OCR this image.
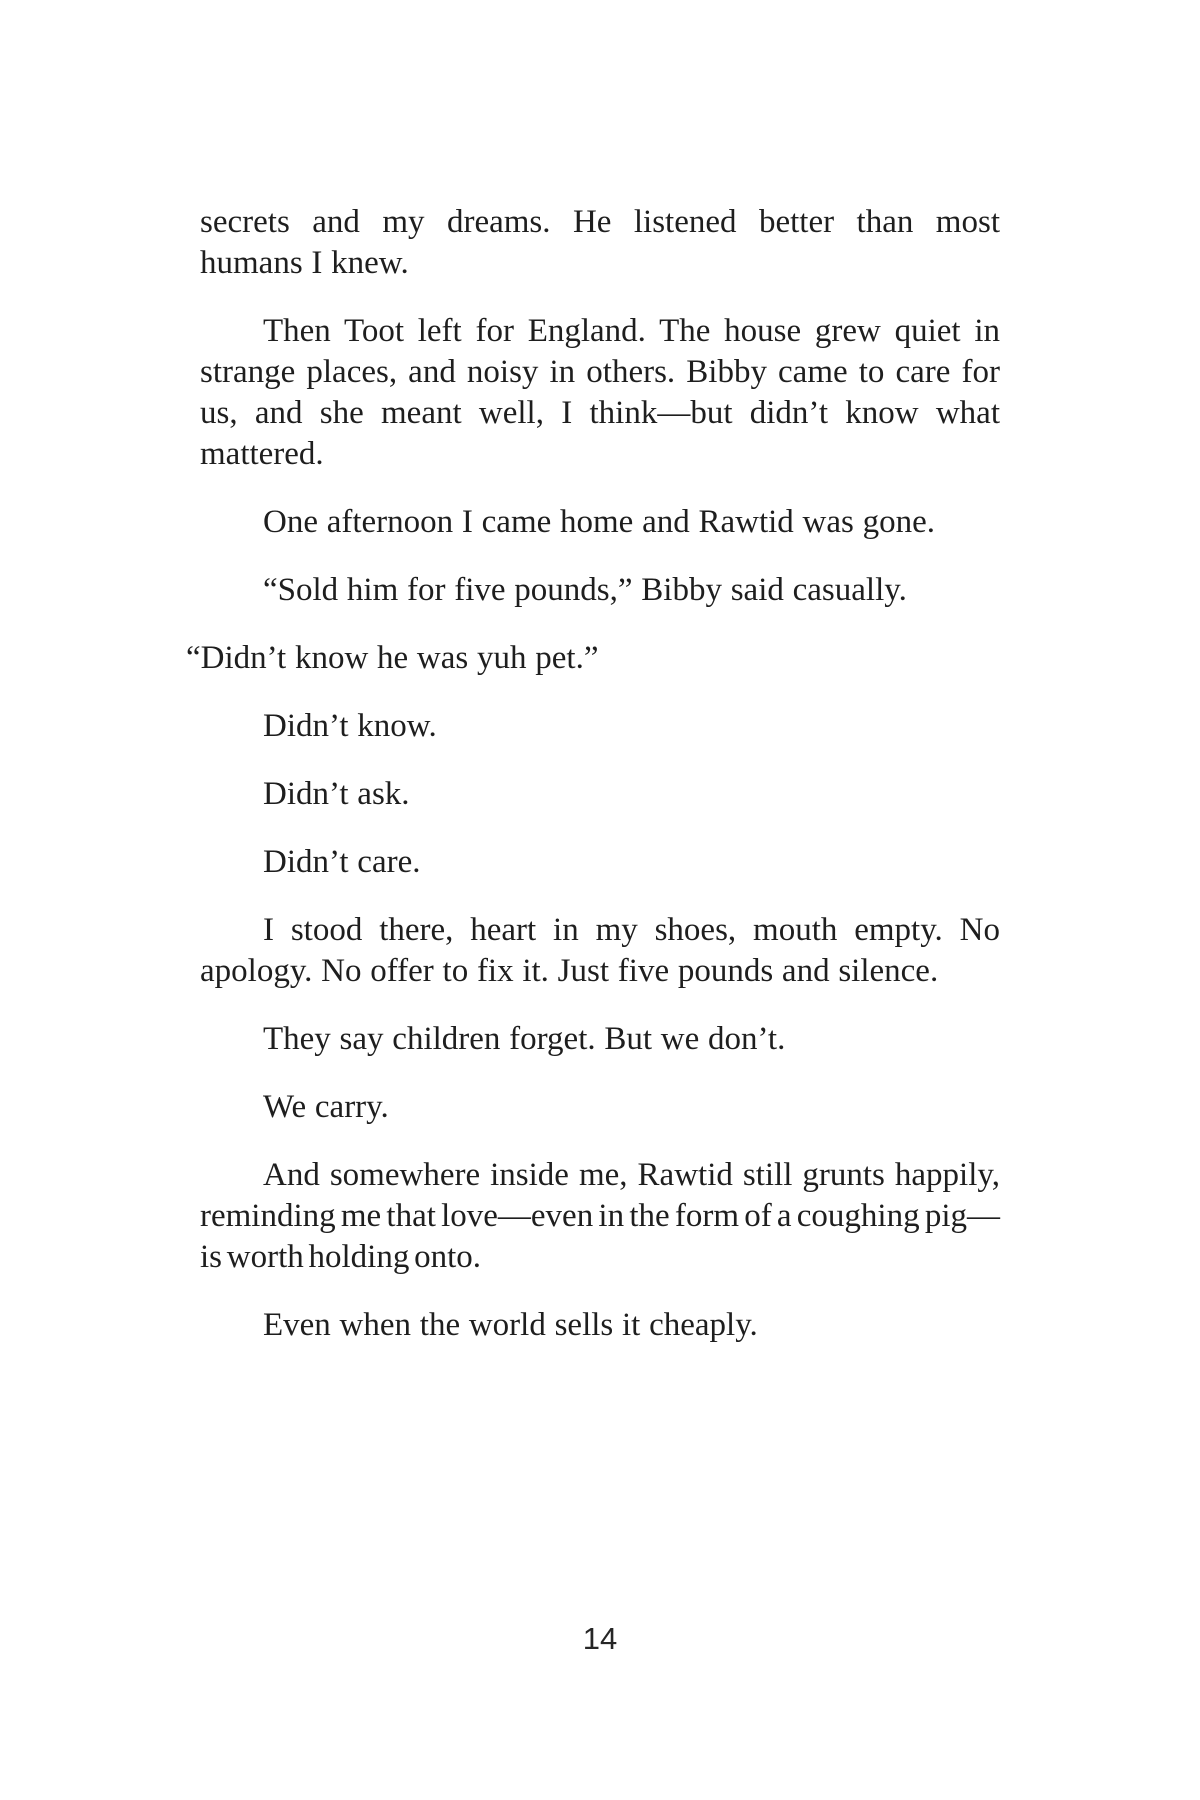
secrets and my dreams. He listened better than most humans I knew.

Then Toot left for England. The house grew quiet in strange places, and noisy in others. Bibby came to care for us, and she meant well, I think—but didn’t know what mattered.

One afternoon I came home and Rawtid was gone.

“Sold him for five pounds,” Bibby said casually.

“Didn’t know he was yuh pet.”

Didn’t know.

Didn’t ask.

Didn’t care.

I stood there, heart in my shoes, mouth empty. No apology. No offer to fix it. Just five pounds and silence.

They say children forget. But we don’t.

We carry.

And somewhere inside me, Rawtid still grunts happily, reminding me that love—even in the form of a coughing pig—is worth holding onto.

Even when the world sells it cheaply.

14
